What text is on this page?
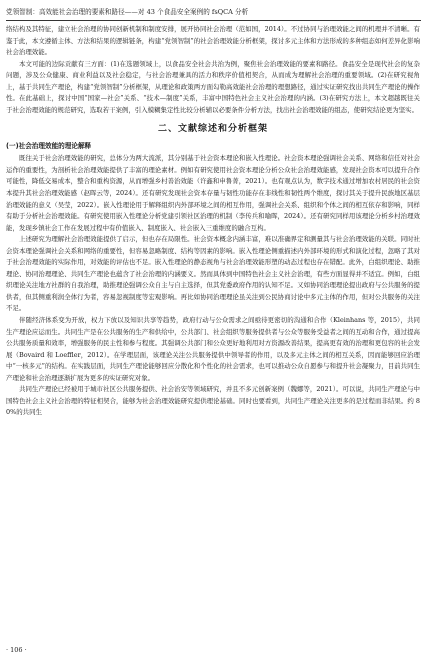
党领智制：高效能社会治理的要素和路径——对 43 个食品安全案例的 fsQCA 分析

络结构及其特征，建立社会治理的协同创新机制和制度安排，展开协同社会治理（范如国，2014）。不过协同与治理效能之间的机理并不清晰。有鉴于此，本文遵循主体、方法和结果的逻辑链条，构建“党领智制”的社会治理效能分析框架，探讨多元主体和方法形成的多种组态如何差异化影响社会治理效能。

本文可能的边际贡献有三方面：(1)在选题领域上，以食品安全社会共治为例，聚焦社会治理效能的要素和路径。食品安全是现代社会的复杂问题，涉及公众健康、商业利益以及社会稳定，与社会治理兼具的活力和秩序价值相契合，从而成为理解社会治理的重要领域。(2)在研究视角上，基于共同生产理论，构建“党领智制”分析框架，从理论和政策两方面勾勒高效能社会治理的理想路径，通过实证研究找出共同生产理论的操作性。在此基础上，探讨中国“国家—社会”关系、“技术—制度”关系，丰富中国特色社会主义社会治理的内涵。(3)在研究方法上，本文超越既往关于社会治理效能的规范研究，选取若干案例，引入模糊集定性比较分析辅以必要条件分析方法，找出社会治理效能的组态，使研究结论更为坚实。

二、文献综述和分析框架
(一)社会治理效能的理论解释

既往关于社会治理效能的研究，总体分为两大流派，其分别基于社会资本理论和嵌入性理论。社会资本理论强调社会关系、网络和信任对社会运作的重要性，为剖析社会治理效能提供了丰富的理论素材。例如有研究使用社会资本理论分析公众社会治理效能感，发现社会资本可以提升合作可能性，降低交易成本，整合和重构资源，从而增强乡村善治效能（许鑫和申鲁菁，2021）。也有观点认为，数字技术通过增加农村居民的社会资本提升其社会治理效能感（赵晖云等，2024）。还有研究发现社会资本存量与韧性功能存在非线性和韧性两个维度，探讨其关于提升民族地区基层治理效能的意义（吴莹，2022）。嵌入性理论用于解释组织内外部环境之间的相互作用，强调社会关系、组织和个体之间的相互依存和影响，同样有助于分析社会治理效能。有研究使用嵌入性理论分析党建引领社区治理的机制（李传兵和喻晖，2024）。还有研究同样用该理论分析乡村治理效能，发现乡镇社会工作在发展过程中有价值嵌入、制度嵌入、社会嵌入三重维度的融合互构。

上述研究为理解社会治理效能提供了启示，但也存在局限性。社会资本概念内涵丰富，难以准确界定和测量其与社会治理效能的关联。同时社会资本理论强调社会关系和网络的重要性，但容易忽略制度、结构等因素的影响。嵌入性理论侧重描述内外部环境的形式和演化过程，忽略了其对于社会治理效能的实际作用，对效能的评估也不足。嵌入性理论的静态视角与社会治理效能形塑的动态过程也存在错配。此外，白组织理论、助推理论、协同治理理论、共同生产理论也蕴含了社会治理的内涵要义。然而具体到中国特色社会主义社会治理，有些方面显得并不适宜。例如，白组织理论关注地方社群的自我治理，助推理论强调公众自主与自主选择，但其党委政府作用的认知不足。又如协同治理理论提出政府与公共服务的提供者，但其侧重利润全体行为者，容易忽视制度等宏观影响。再比如协同治理理论虽关注到公民协商讨论中多元主体的作用，但对公共服务的关注不足。

伴随经济体系变为开放，权力下放以及知识共享等趋势，政府行动与公众需求之间亟待更密切的沟通和合作（Kleinhans 等，2015），共同生产理论应运而生。共同生产是在公共服务的生产和供给中，公共部门、社会组织等服务提供者与公众等服务受益者之间的互动和合作，通过提高公共服务质量和效率，增强服务的民主性和参与程度。其强调公共部门和公众更好地利用对方资源改善结果，提高更有效的治理和更包容的社会发展（Bovaird 和 Loeffler，2012）。在学理层面，该理论关注公共服务提供中领导者的作用，以及多元主体之间的相互关系，因而能够回应治理中“一核多元”的结构。在实践层面，共同生产理论能够回应分散化和个性化的社会需求，也可以推动公众自愿参与和提升社会凝聚力，目前共同生产理论和社会治理逐渐扩展为更多的实证研究对象。

共同生产理论已经被用于城市社区公共服务提供、社会治安等领域研究，并且不多元创新案例（魏娜等，2021）。可以说，共同生产理论与中国特色社会主义社会治理的特征相契合，能够为社会治理效能研究提供理论基础。同时也要看到，共同生产理论关注更多的是过程而非结果。约 80%的共同生

· 106 ·
